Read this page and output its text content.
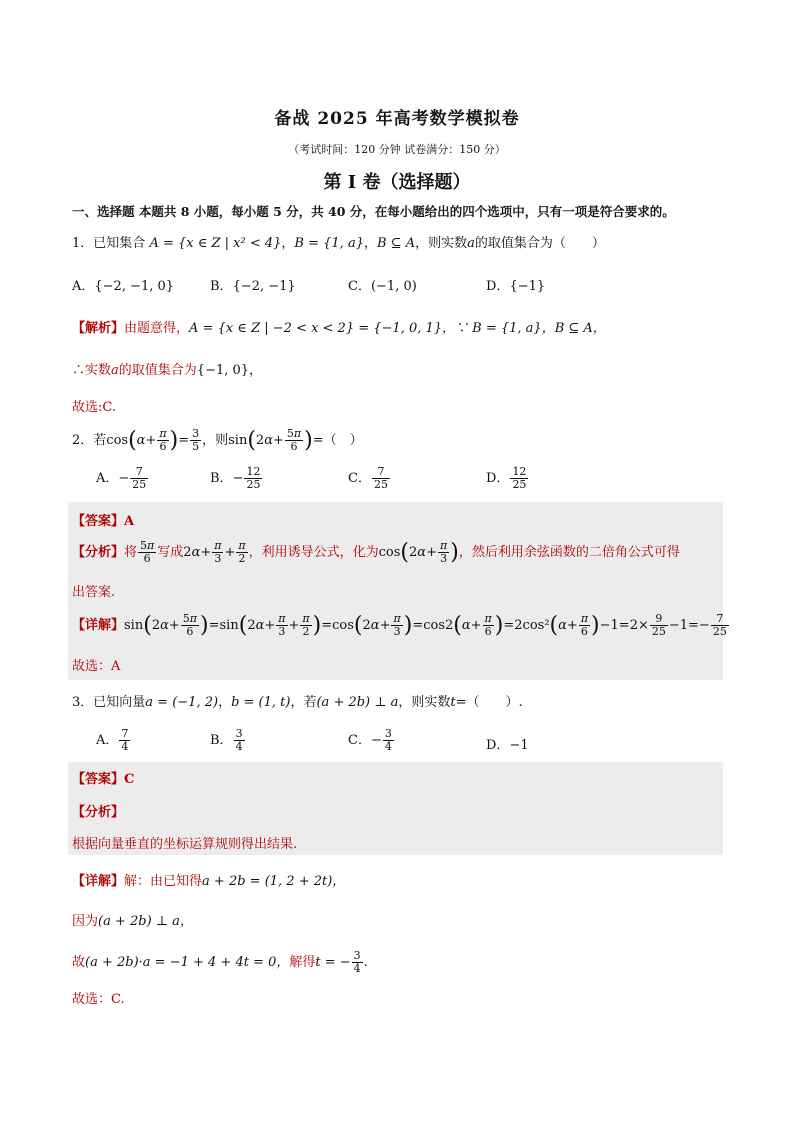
备战 2025 年高考数学模拟卷
（考试时间：120 分钟 试卷满分：150 分）
第 I 卷（选择题）
一、选择题 本题共 8 小题，每小题 5 分，共 40 分，在每小题给出的四个选项中，只有一项是符合要求的。
1．已知集合 A = {x ∈ Z | x² < 4}，B = {1, a}，B ⊆ A，则实数a的取值集合为（　　）
A．{−2, −1, 0}	B．{−2, −1}	C．(−1, 0)	D．{−1}
【解析】由题意得，A = {x ∈ Z | −2 < x < 2} = {−1, 0, 1}，∵ B = {1, a}，B ⊆ A，
∴实数a的取值集合为{−1, 0}，
故选:C.
2．若$\cos(\alpha+ \frac{\pi}{6}$ )= $\frac{3}{5}$ ，则$\sin(2\alpha+ \frac{5\pi}{6}$ )=（　）
A．− $\frac{7}{25}$	B．− $\frac{12}{25}$	C． $\frac{7}{25}$	D． $\frac{12}{25}$
【答案】A
【分析】将 $\frac{5\pi}{6}$ 写成$2\alpha+ \frac{\pi}{3} + \frac{\pi}{2}$ ，利用诱导公式，化为$\cos(2\alpha+ \frac{\pi}{3}$ )，然后利用余弦函数的二倍角公式可得
出答案.
【详解】$\sin(2\alpha+ \frac{5\pi}{6} )=\sin(2\alpha+ \frac{\pi}{3} + \frac{\pi}{2} )=\cos(2\alpha+ \frac{\pi}{3} )=\cos 2(\alpha+ \frac{\pi}{6} )=2\cos^2(\alpha+ \frac{\pi}{6} )-1=2\times \frac{9}{25} -1=- \frac{7}{25}$
故选：A
3．已知向量a = (−1, 2)，b = (1, t)，若(a + 2b) ⊥ a，则实数t=（　　）.
A． $\frac{7}{4}$	B． $\frac{3}{4}$	C．− $\frac{3}{4}$	D．−1
【答案】C
【分析】
根据向量垂直的坐标运算规则得出结果.
【详解】解：由已知得a + 2b = (1, 2 + 2t)，
因为(a + 2b) ⊥ a，
故(a + 2b)·a = −1 + 4 + 4t = 0，解得t = − $\frac{3}{4}$ .
故选：C.
